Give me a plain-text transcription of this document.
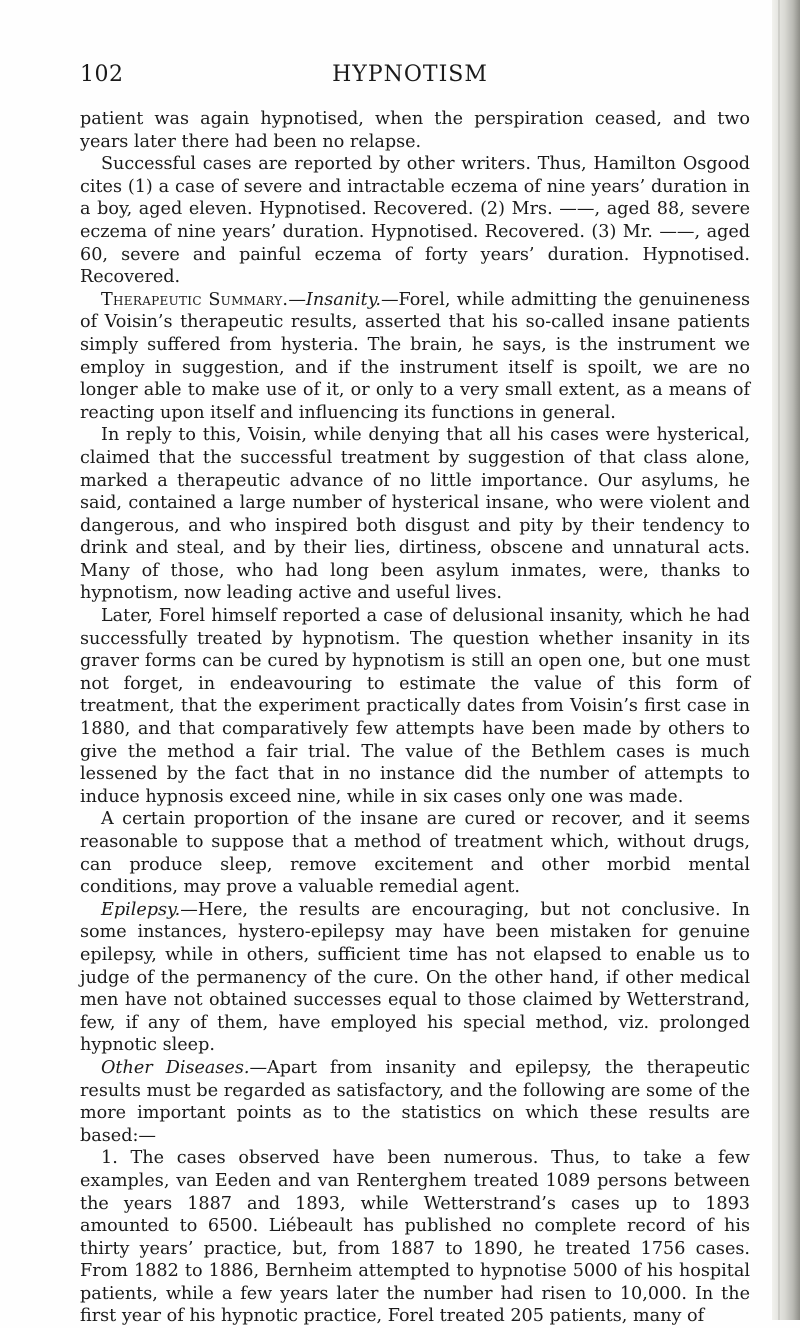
102	HYPNOTISM

patient was again hypnotised, when the perspiration ceased, and two years later there had been no relapse.

Successful cases are reported by other writers. Thus, Hamilton Osgood cites (1) a case of severe and intractable eczema of nine years’ duration in a boy, aged eleven. Hypnotised. Recovered. (2) Mrs. ——, aged 88, severe eczema of nine years’ duration. Hypnotised. Recovered. (3) Mr. ——, aged 60, severe and painful eczema of forty years’ duration. Hypnotised. Recovered.

Therapeutic Summary.—Insanity.—Forel, while admitting the genuineness of Voisin’s therapeutic results, asserted that his so-called insane patients simply suffered from hysteria. The brain, he says, is the instrument we employ in suggestion, and if the instrument itself is spoilt, we are no longer able to make use of it, or only to a very small extent, as a means of reacting upon itself and influencing its functions in general.

In reply to this, Voisin, while denying that all his cases were hysterical, claimed that the successful treatment by suggestion of that class alone, marked a therapeutic advance of no little importance. Our asylums, he said, contained a large number of hysterical insane, who were violent and dangerous, and who inspired both disgust and pity by their tendency to drink and steal, and by their lies, dirtiness, obscene and unnatural acts. Many of those, who had long been asylum inmates, were, thanks to hypnotism, now leading active and useful lives.

Later, Forel himself reported a case of delusional insanity, which he had successfully treated by hypnotism. The question whether insanity in its graver forms can be cured by hypnotism is still an open one, but one must not forget, in endeavouring to estimate the value of this form of treatment, that the experiment practically dates from Voisin’s first case in 1880, and that comparatively few attempts have been made by others to give the method a fair trial. The value of the Bethlem cases is much lessened by the fact that in no instance did the number of attempts to induce hypnosis exceed nine, while in six cases only one was made.

A certain proportion of the insane are cured or recover, and it seems reasonable to suppose that a method of treatment which, without drugs, can produce sleep, remove excitement and other morbid mental conditions, may prove a valuable remedial agent.

Epilepsy.—Here, the results are encouraging, but not conclusive. In some instances, hystero-epilepsy may have been mistaken for genuine epilepsy, while in others, sufficient time has not elapsed to enable us to judge of the permanency of the cure. On the other hand, if other medical men have not obtained successes equal to those claimed by Wetterstrand, few, if any of them, have employed his special method, viz. prolonged hypnotic sleep.

Other Diseases.—Apart from insanity and epilepsy, the therapeutic results must be regarded as satisfactory, and the following are some of the more important points as to the statistics on which these results are based:—

1. The cases observed have been numerous. Thus, to take a few examples, van Eeden and van Renterghem treated 1089 persons between the years 1887 and 1893, while Wetterstrand’s cases up to 1893 amounted to 6500. Liébeault has published no complete record of his thirty years’ practice, but, from 1887 to 1890, he treated 1756 cases. From 1882 to 1886, Bernheim attempted to hypnotise 5000 of his hospital patients, while a few years later the number had risen to 10,000. In the first year of his hypnotic practice, Forel treated 205 patients, many of
